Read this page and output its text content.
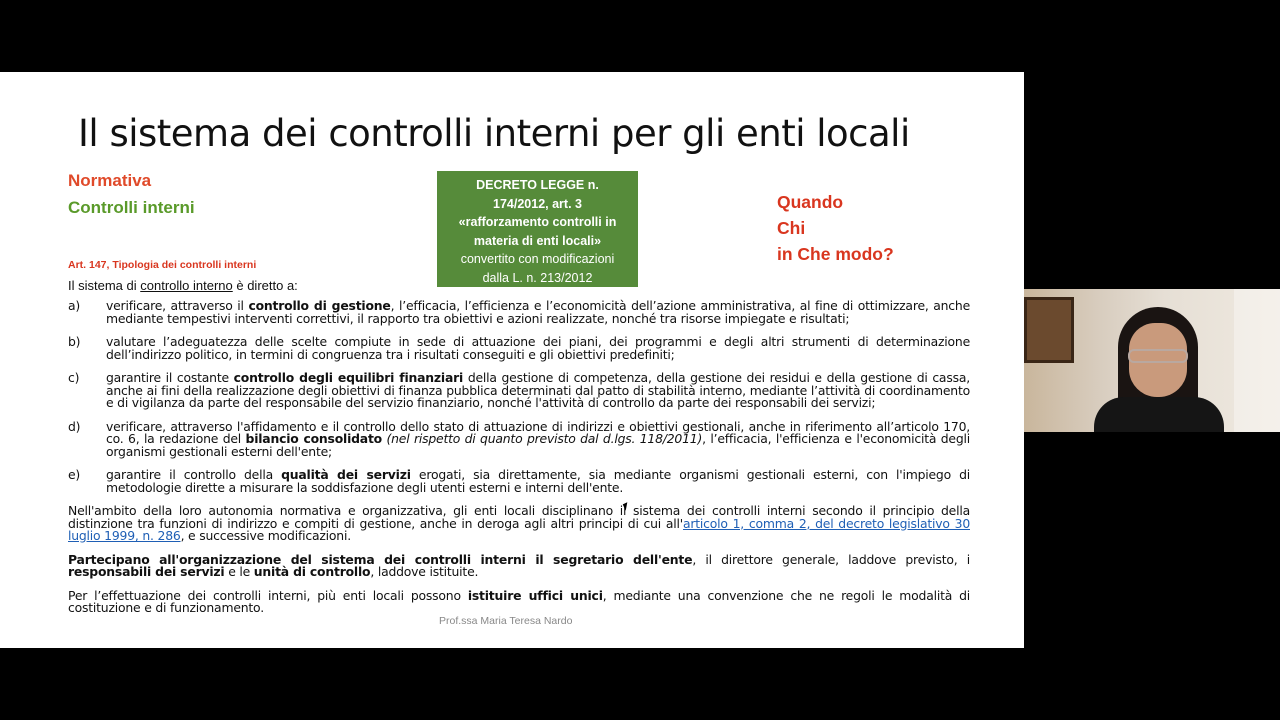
Il sistema dei controlli interni per gli enti locali
Normativa
Controlli interni
DECRETO LEGGE n.
174/2012, art. 3
«rafforzamento controlli in
materia di enti locali»
convertito con modificazioni
dalla L. n. 213/2012
Quando
Chi
in Che modo?
Art. 147, Tipologia dei controlli interni
Il sistema di controllo interno è diretto a:
a)	verificare, attraverso il controllo di gestione, l’efficacia, l’efficienza e l’economicità dell’azione amministrativa, al fine di ottimizzare, anche mediante tempestivi interventi correttivi, il rapporto tra obiettivi e azioni realizzate, nonché tra risorse impiegate e risultati;
b)	valutare l’adeguatezza delle scelte compiute in sede di attuazione dei piani, dei programmi e degli altri strumenti di determinazione dell’indirizzo politico, in termini di congruenza tra i risultati conseguiti e gli obiettivi predefiniti;
c)	garantire il costante controllo degli equilibri finanziari della gestione di competenza, della gestione dei residui e della gestione di cassa, anche ai fini della realizzazione degli obiettivi di finanza pubblica determinati dal patto di stabilità interno, mediante l’attività di coordinamento e di vigilanza da parte del responsabile del servizio finanziario, nonché l'attività di controllo da parte dei responsabili dei servizi;
d)	verificare, attraverso l'affidamento e il controllo dello stato di attuazione di indirizzi e obiettivi gestionali, anche in riferimento all’articolo 170, co. 6, la redazione del bilancio consolidato (nel rispetto di quanto previsto dal d.lgs. 118/2011), l’efficacia, l'efficienza e l'economicità degli organismi gestionali esterni dell'ente;
e)	garantire il controllo della qualità dei servizi erogati, sia direttamente, sia mediante organismi gestionali esterni, con l'impiego di metodologie dirette a misurare la soddisfazione degli utenti esterni e interni dell'ente.
Nell'ambito della loro autonomia normativa e organizzativa, gli enti locali disciplinano il sistema dei controlli interni secondo il principio della distinzione tra funzioni di indirizzo e compiti di gestione, anche in deroga agli altri principi di cui all'articolo 1, comma 2, del decreto legislativo 30 luglio 1999, n. 286, e successive modificazioni.
Partecipano all'organizzazione del sistema dei controlli interni il segretario dell'ente, il direttore generale, laddove previsto, i responsabili dei servizi e le unità di controllo, laddove istituite.
Per l’effettuazione dei controlli interni, più enti locali possono istituire uffici unici, mediante una convenzione che ne regoli le modalità di costituzione e di funzionamento.
Prof.ssa Maria Teresa Nardo
